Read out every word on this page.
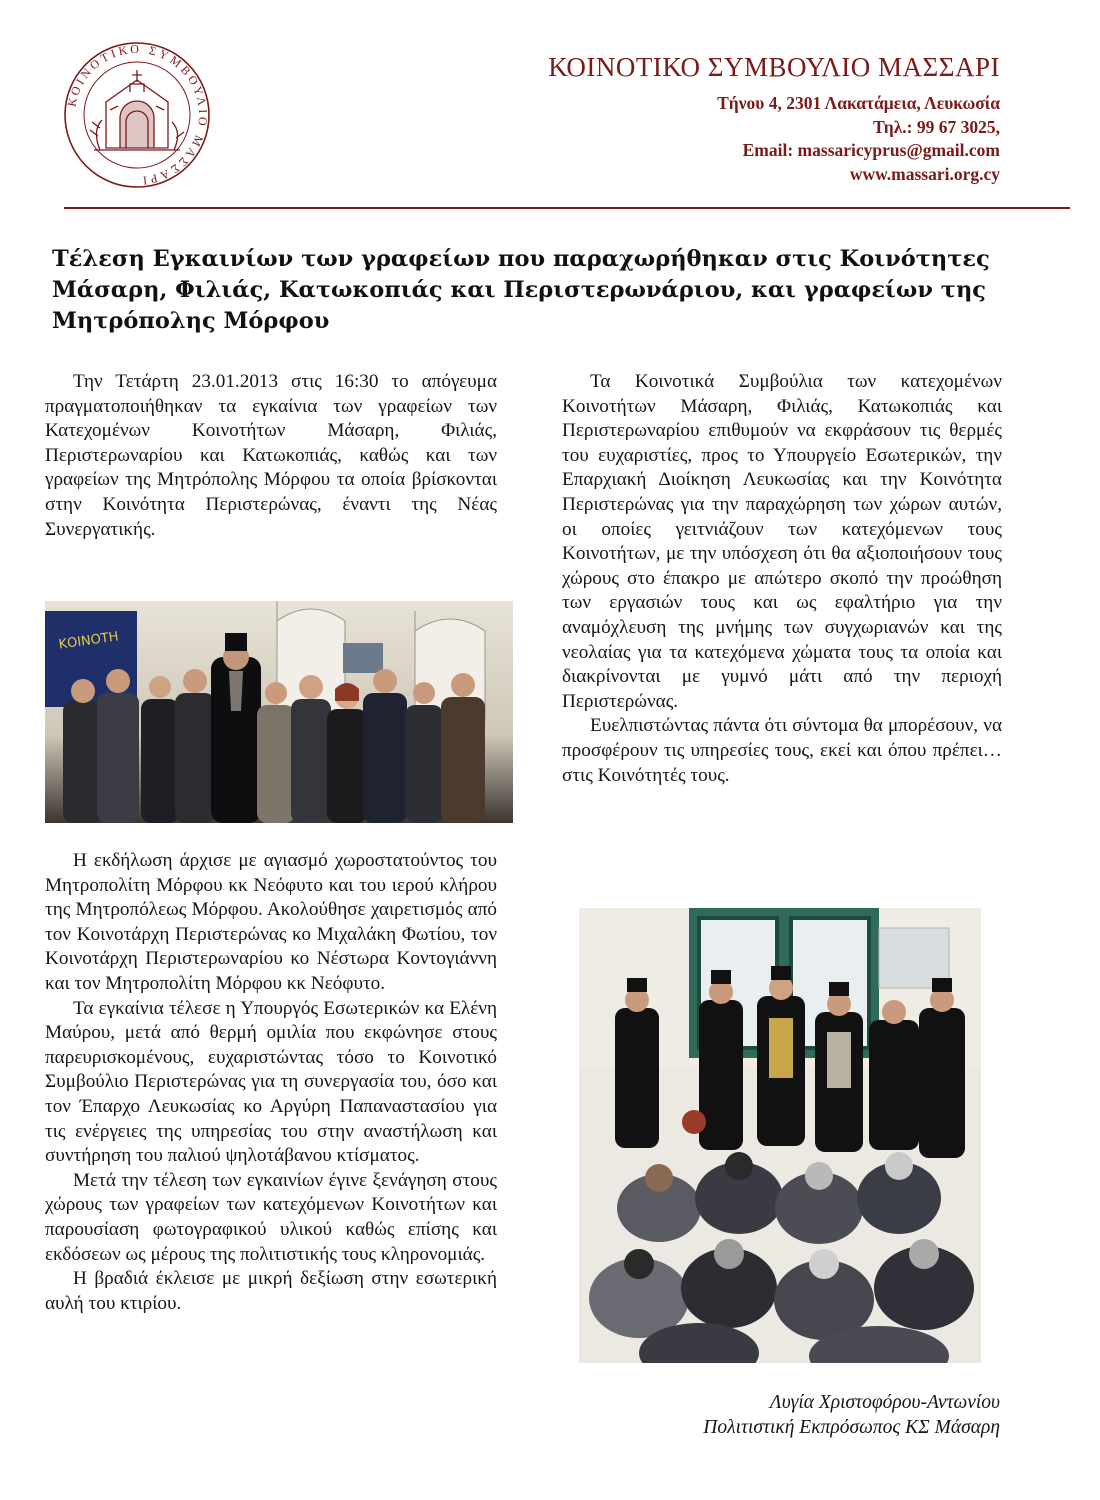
ΚΟΙΝΟΤΙΚΟ ΣΥΜΒΟΥΛΙΟ ΜΑΣΣΑΡΙ
ΚΟΙΝΟΤΙΚΟ ΣΥΜΒΟΥΛΙΟ ΜΑΣΣΑΡΙ
Τήνου 4, 2301 Λακατάμεια, Λευκωσία
Τηλ.: 99 67 3025,
Email: massaricyprus@gmail.com
www.massari.org.cy
Τέλεση Εγκαινίων των γραφείων που παραχωρήθηκαν στις Κοινότητες Μάσαρη, Φιλιάς, Κατωκοπιάς και Περιστερωνάριου, και γραφείων της Μητρόπολης Μόρφου

Την Τετάρτη 23.01.2013 στις 16:30 το απόγευμα πραγματοποιήθηκαν τα εγκαίνια των γραφείων των Κατεχομένων Κοινοτήτων Μάσαρη, Φιλιάς, Περιστερωναρίου και Κατωκοπιάς, καθώς και των γραφείων της Μητρόπολης Μόρφου τα οποία βρίσκονται στην Κοινότητα Περιστερώνας, έναντι της Νέας Συνεργατικής.

ΚΟΙΝΟΤΗ

Η εκδήλωση άρχισε με αγιασμό χωροστατούντος του Μητροπολίτη Μόρφου κκ Νεόφυτο και του ιερού κλήρου της Μητροπόλεως Μόρφου. Ακολούθησε χαιρετισμός από τον Κοινοτάρχη Περιστερώνας κο Μιχαλάκη Φωτίου, τον Κοινοτάρχη Περιστερωναρίου κο Νέστωρα Κοντογιάννη και τον Μητροπολίτη Μόρφου κκ Νεόφυτο.

Τα εγκαίνια τέλεσε η Υπουργός Εσωτερικών κα Ελένη Μαύρου, μετά από θερμή ομιλία που εκφώνησε στους παρευρισκομένους, ευχαριστώντας τόσο το Κοινοτικό Συμβούλιο Περιστερώνας για τη συνεργασία του, όσο και τον Έπαρχο Λευκωσίας κο Αργύρη Παπαναστασίου για τις ενέργειες της υπηρεσίας του στην αναστήλωση και συντήρηση του παλιού ψηλοτάβανου κτίσματος.

Μετά την τέλεση των εγκαινίων έγινε ξενάγηση στους χώρους των γραφείων των κατεχόμενων Κοινοτήτων και παρουσίαση φωτογραφικού υλικού καθώς επίσης και εκδόσεων ως μέρους της πολιτιστικής τους κληρονομιάς.

Η βραδιά έκλεισε με μικρή δεξίωση στην εσωτερική αυλή του κτιρίου.

Τα Κοινοτικά Συμβούλια των κατεχομένων Κοινοτήτων Μάσαρη, Φιλιάς, Κατωκοπιάς και Περιστερωναρίου επιθυμούν να εκφράσουν τις θερμές του ευχαριστίες, προς το Υπουργείο Εσωτερικών, την Επαρχιακή Διοίκηση Λευκωσίας και την Κοινότητα Περιστερώνας για την παραχώρηση των χώρων αυτών, οι οποίες γειτνιάζουν των κατεχόμενων τους Κοινοτήτων, με την υπόσχεση ότι θα αξιοποιήσουν τους χώρους στο έπακρο με απώτερο σκοπό την προώθηση των εργασιών τους και ως εφαλτήριο για την αναμόχλευση της μνήμης των συγχωριανών και της νεολαίας για τα κατεχόμενα χώματα τους τα οποία και διακρίνονται με γυμνό μάτι από την περιοχή Περιστερώνας.

Ευελπιστώντας πάντα ότι σύντομα θα μπορέσουν, να προσφέρουν τις υπηρεσίες τους, εκεί και όπου πρέπει… στις Κοινότητές τους.

Λυγία Χριστοφόρου-Αντωνίου
Πολιτιστική Εκπρόσωπος ΚΣ Μάσαρη
